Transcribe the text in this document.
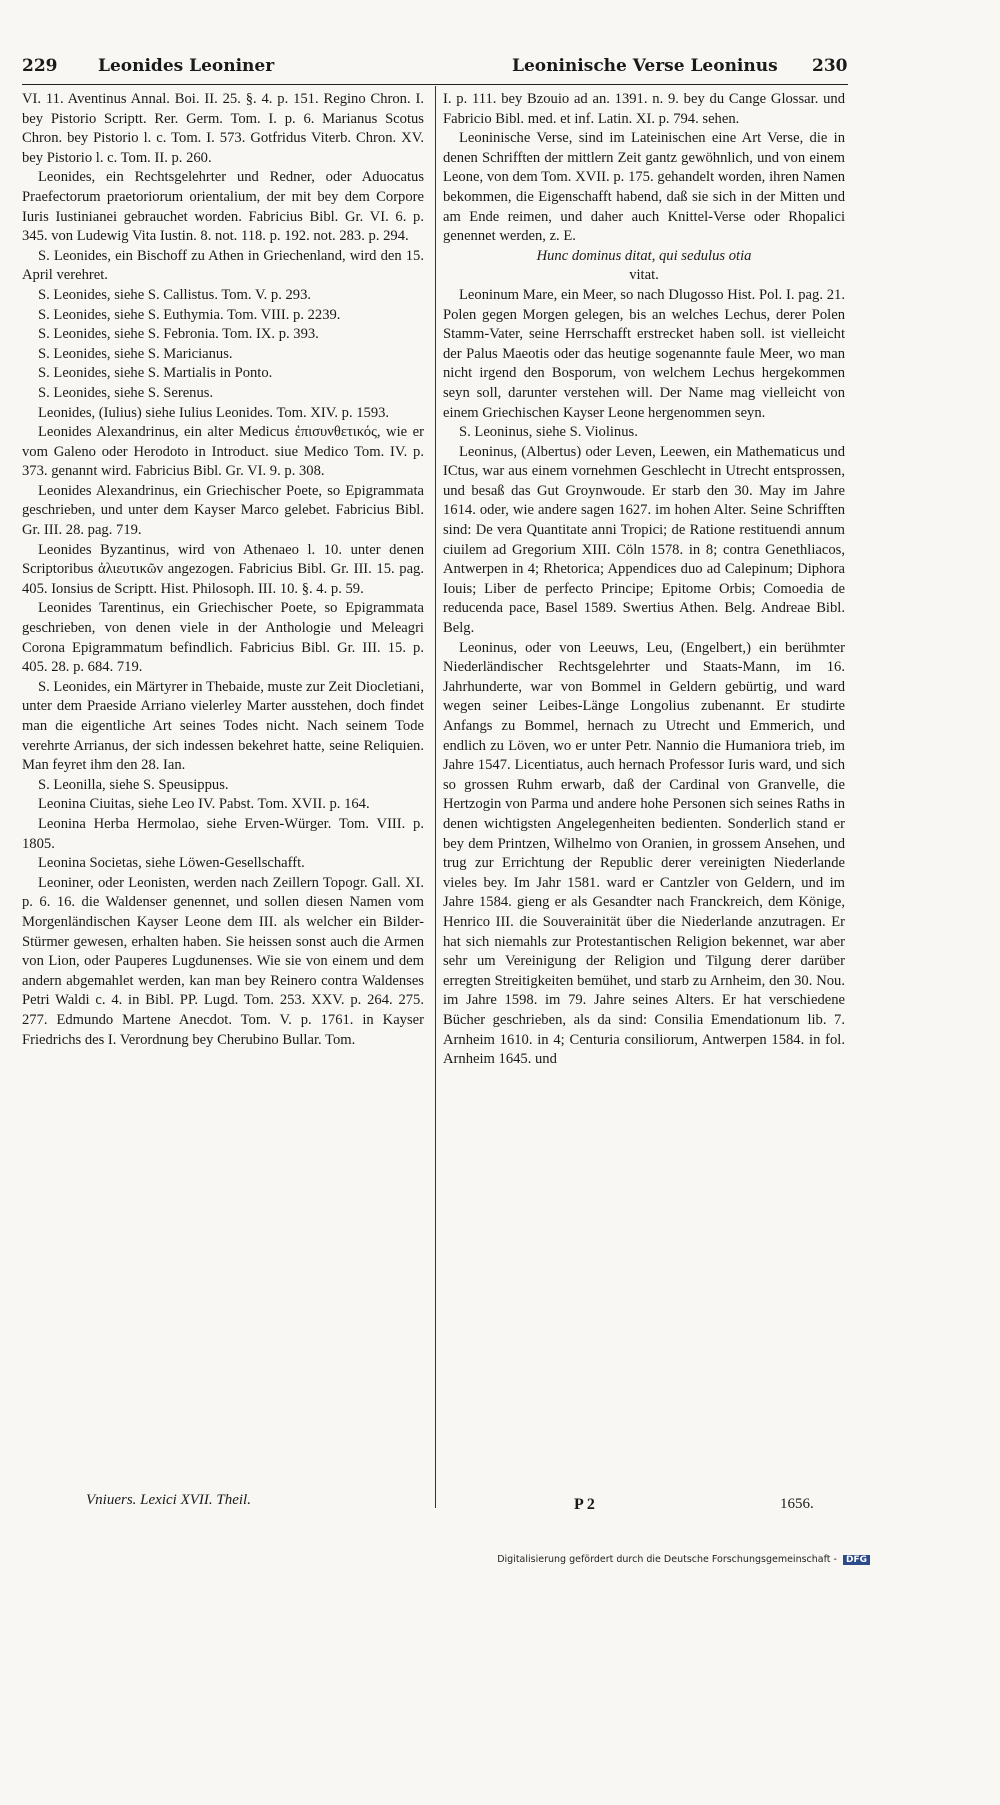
229 Leonides Leoniner	Leoninische Verse Leoninus 230

VI. 11. Aventinus Annal. Boi. II. 25. §. 4. p. 151. Regino Chron. I. bey Pistorio Scriptt. Rer. Germ. Tom. I. p. 6. Marianus Scotus Chron. bey Pistorio l. c. Tom. I. 573. Gotfridus Viterb. Chron. XV. bey Pistorio l. c. Tom. II. p. 260.

Leonides, ein Rechtsgelehrter und Redner, oder Aduocatus Praefectorum praetoriorum orientalium, der mit bey dem Corpore Iuris Iustinianei gebrauchet worden. Fabricius Bibl. Gr. VI. 6. p. 345. von Ludewig Vita Iustin. 8. not. 118. p. 192. not. 283. p. 294.

S. Leonides, ein Bischoff zu Athen in Griechenland, wird den 15. April verehret.

S. Leonides, siehe S. Callistus. Tom. V. p. 293.

S. Leonides, siehe S. Euthymia. Tom. VIII. p. 2239.

S. Leonides, siehe S. Febronia. Tom. IX. p. 393.

S. Leonides, siehe S. Maricianus.

S. Leonides, siehe S. Martialis in Ponto.

S. Leonides, siehe S. Serenus.

Leonides, (Iulius) siehe Iulius Leonides. Tom. XIV. p. 1593.

Leonides Alexandrinus, ein alter Medicus ἐπισυνθετικός, wie er vom Galeno oder Herodoto in Introduct. siue Medico Tom. IV. p. 373. genannt wird. Fabricius Bibl. Gr. VI. 9. p. 308.

Leonides Alexandrinus, ein Griechischer Poete, so Epigrammata geschrieben, und unter dem Kayser Marco gelebet. Fabricius Bibl. Gr. III. 28. pag. 719.

Leonides Byzantinus, wird von Athenaeo l. 10. unter denen Scriptoribus ἀλιευτικῶν angezogen. Fabricius Bibl. Gr. III. 15. pag. 405. Ionsius de Scriptt. Hist. Philosoph. III. 10. §. 4. p. 59.

Leonides Tarentinus, ein Griechischer Poete, so Epigrammata geschrieben, von denen viele in der Anthologie und Meleagri Corona Epigrammatum befindlich. Fabricius Bibl. Gr. III. 15. p. 405. 28. p. 684. 719.

S. Leonides, ein Märtyrer in Thebaide, muste zur Zeit Diocletiani, unter dem Praeside Arriano vielerley Marter ausstehen, doch findet man die eigentliche Art seines Todes nicht. Nach seinem Tode verehrte Arrianus, der sich indessen bekehret hatte, seine Reliquien. Man feyret ihm den 28. Ian.

S. Leonilla, siehe S. Speusippus.

Leonina Ciuitas, siehe Leo IV. Pabst. Tom. XVII. p. 164.

Leonina Herba Hermolao, siehe Erven-Würger. Tom. VIII. p. 1805.

Leonina Societas, siehe Löwen-Gesellschafft.

Leoniner, oder Leonisten, werden nach Zeillern Topogr. Gall. XI. p. 6. 16. die Waldenser genennet, und sollen diesen Namen vom Morgenländischen Kayser Leone dem III. als welcher ein Bilder-Stürmer gewesen, erhalten haben. Sie heissen sonst auch die Armen von Lion, oder Pauperes Lugdunenses. Wie sie von einem und dem andern abgemahlet werden, kan man bey Reinero contra Waldenses Petri Waldi c. 4. in Bibl. PP. Lugd. Tom. 253. XXV. p. 264. 275. 277. Edmundo Martene Anecdot. Tom. V. p. 1761. in Kayser Friedrichs des I. Verordnung bey Cherubino Bullar. Tom.

I. p. 111. bey Bzouio ad an. 1391. n. 9. bey du Cange Glossar. und Fabricio Bibl. med. et inf. Latin. XI. p. 794. sehen.

Leoninische Verse, sind im Lateinischen eine Art Verse, die in denen Schrifften der mittlern Zeit gantz gewöhnlich, und von einem Leone, von dem Tom. XVII. p. 175. gehandelt worden, ihren Namen bekommen, die Eigenschafft habend, daß sie sich in der Mitten und am Ende reimen, und daher auch Knittel-Verse oder Rhopalici genennet werden, z. E.

Hunc dominus ditat, qui sedulus otia

vitat.

Leoninum Mare, ein Meer, so nach Dlugosso Hist. Pol. I. pag. 21. Polen gegen Morgen gelegen, bis an welches Lechus, derer Polen Stamm-Vater, seine Herrschafft erstrecket haben soll. ist vielleicht der Palus Maeotis oder das heutige sogenannte faule Meer, wo man nicht irgend den Bosporum, von welchem Lechus hergekommen seyn soll, darunter verstehen will. Der Name mag vielleicht von einem Griechischen Kayser Leone hergenommen seyn.

S. Leoninus, siehe S. Violinus.

Leoninus, (Albertus) oder Leven, Leewen, ein Mathematicus und ICtus, war aus einem vornehmen Geschlecht in Utrecht entsprossen, und besaß das Gut Groynwoude. Er starb den 30. May im Jahre 1614. oder, wie andere sagen 1627. im hohen Alter. Seine Schrifften sind: De vera Quantitate anni Tropici; de Ratione restituendi annum ciuilem ad Gregorium XIII. Cöln 1578. in 8; contra Genethliacos, Antwerpen in 4; Rhetorica; Appendices duo ad Calepinum; Diphora Iouis; Liber de perfecto Principe; Epitome Orbis; Comoedia de reducenda pace, Basel 1589. Swertius Athen. Belg. Andreae Bibl. Belg.

Leoninus, oder von Leeuws, Leu, (Engelbert,) ein berühmter Niederländischer Rechtsgelehrter und Staats-Mann, im 16. Jahrhunderte, war von Bommel in Geldern gebürtig, und ward wegen seiner Leibes-Länge Longolius zubenannt. Er studirte Anfangs zu Bommel, hernach zu Utrecht und Emmerich, und endlich zu Löven, wo er unter Petr. Nannio die Humaniora trieb, im Jahre 1547. Licentiatus, auch hernach Professor Iuris ward, und sich so grossen Ruhm erwarb, daß der Cardinal von Granvelle, die Hertzogin von Parma und andere hohe Personen sich seines Raths in denen wichtigsten Angelegenheiten bedienten. Sonderlich stand er bey dem Printzen, Wilhelmo von Oranien, in grossem Ansehen, und trug zur Errichtung der Republic derer vereinigten Niederlande vieles bey. Im Jahr 1581. ward er Cantzler von Geldern, und im Jahre 1584. gieng er als Gesandter nach Franckreich, dem Könige, Henrico III. die Souverainität über die Niederlande anzutragen. Er hat sich niemahls zur Protestantischen Religion bekennet, war aber sehr um Vereinigung der Religion und Tilgung derer darüber erregten Streitigkeiten bemühet, und starb zu Arnheim, den 30. Nou. im Jahre 1598. im 79. Jahre seines Alters. Er hat verschiedene Bücher geschrieben, als da sind: Consilia Emendationum lib. 7. Arnheim 1610. in 4; Centuria consiliorum, Antwerpen 1584. in fol. Arnheim 1645. und

Vniuers. Lexici XVII. Theil.	P 2	1656.
Digitalisierung gefördert durch die Deutsche Forschungsgemeinschaft - DFG
